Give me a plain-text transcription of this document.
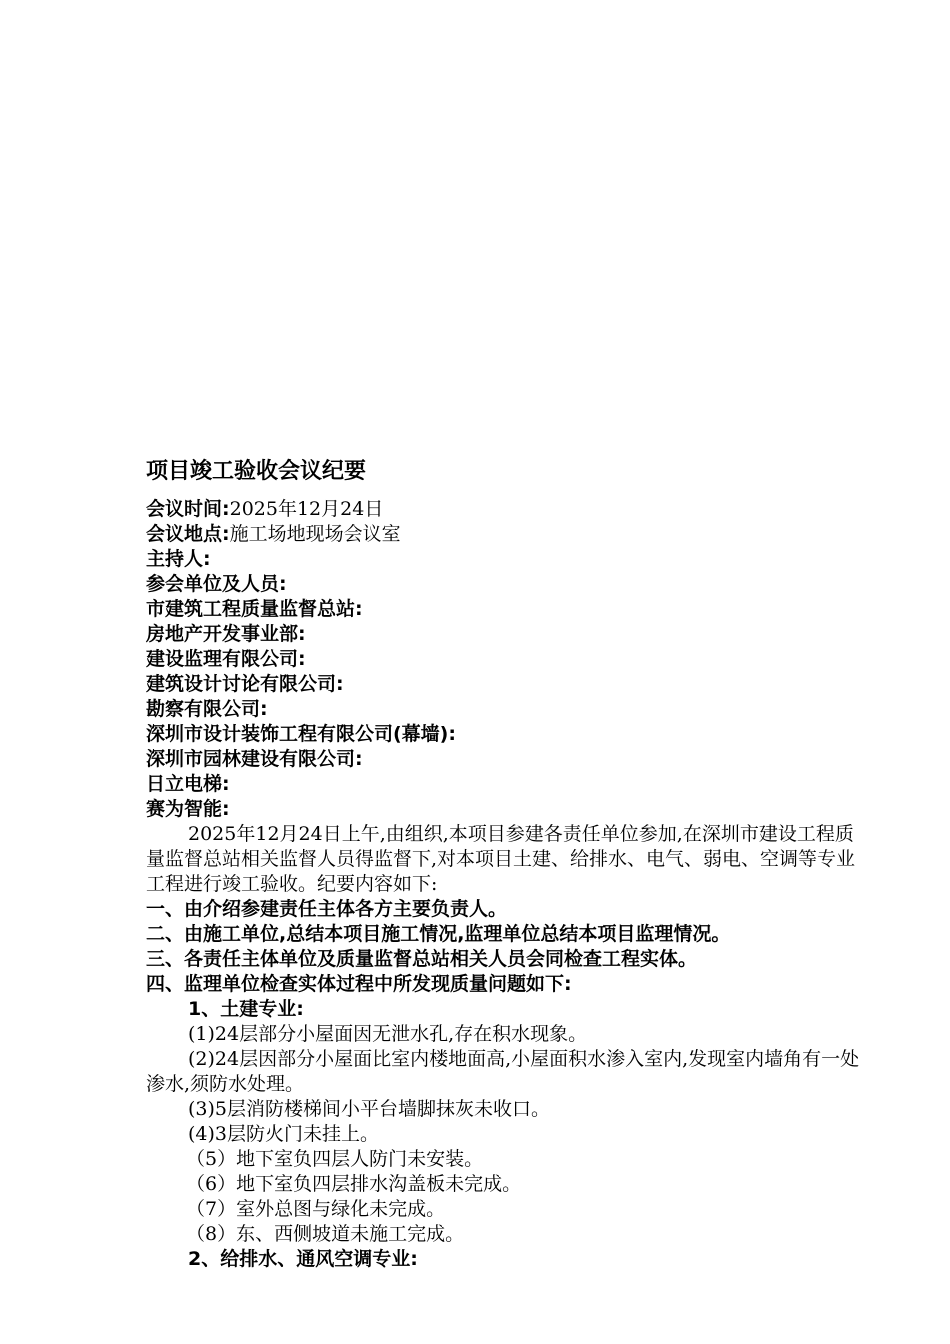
项目竣工验收会议纪要
会议时间:2025年12月24日
会议地点:施工场地现场会议室
主持人:
参会单位及人员:
市建筑工程质量监督总站:
房地产开发事业部:
建设监理有限公司:
建筑设计讨论有限公司:
勘察有限公司:
深圳市设计装饰工程有限公司(幕墙):
深圳市园林建设有限公司:
日立电梯:
赛为智能:
2025年12月24日上午,由组织,本项目参建各责任单位参加,在深圳市建设工程质量监督总站相关监督人员得监督下,对本项目土建、给排水、电气、弱电、空调等专业工程进行竣工验收。纪要内容如下:
一、由介绍参建责任主体各方主要负责人。
二、由施工单位,总结本项目施工情况,监理单位总结本项目监理情况。
三、各责任主体单位及质量监督总站相关人员会同检查工程实体。
四、监理单位检查实体过程中所发现质量问题如下:
1、土建专业:
(1)24层部分小屋面因无泄水孔,存在积水现象。
(2)24层因部分小屋面比室内楼地面高,小屋面积水渗入室内,发现室内墙角有一处渗水,须防水处理。
(3)5层消防楼梯间小平台墙脚抹灰未收口。
(4)3层防火门未挂上。
（5）地下室负四层人防门未安装。
（6）地下室负四层排水沟盖板未完成。
（7）室外总图与绿化未完成。
（8）东、西侧坡道未施工完成。
2、给排水、通风空调专业:
